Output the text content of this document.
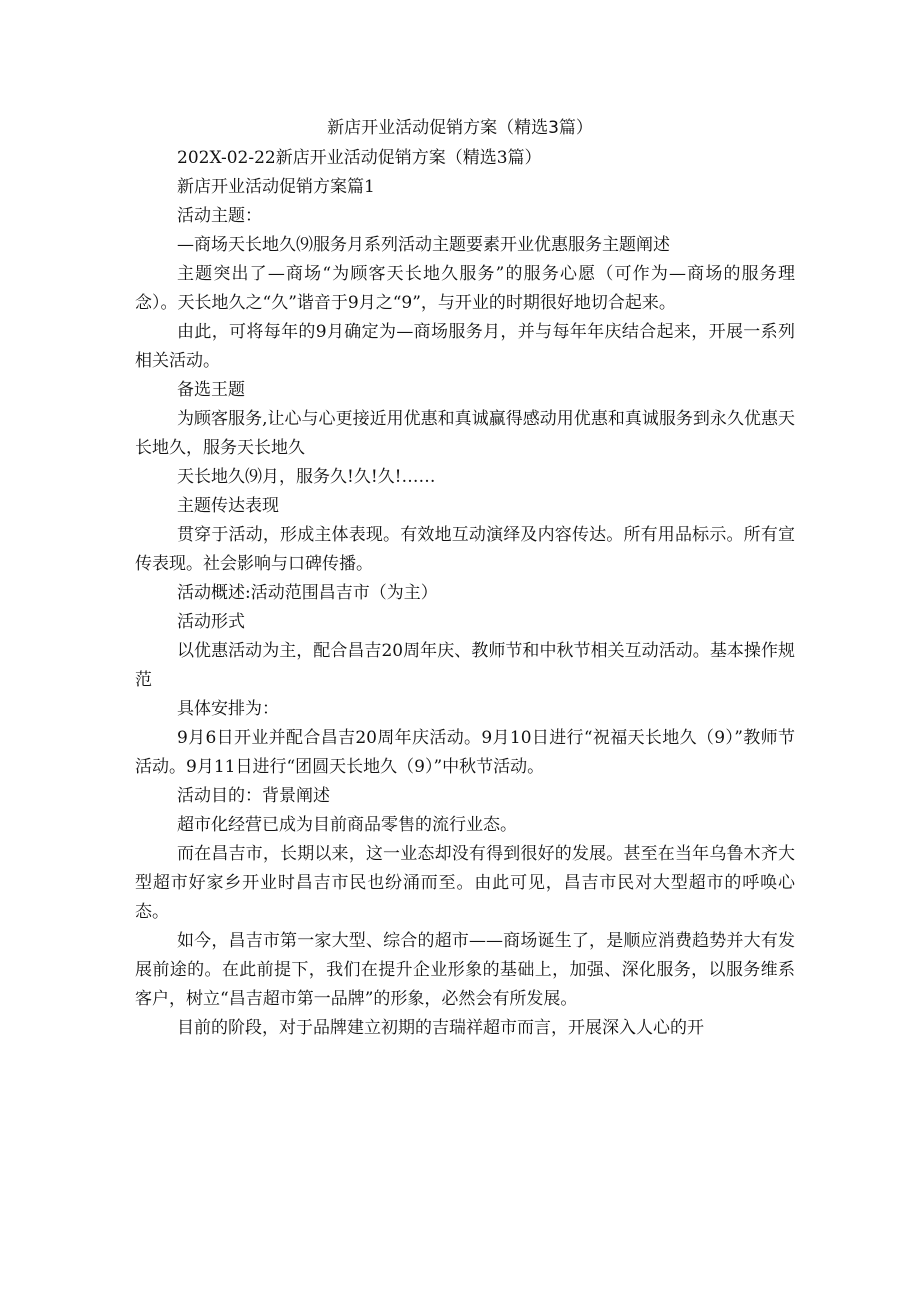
新店开业活动促销方案（精选3篇）

202X-02-22新店开业活动促销方案（精选3篇）

新店开业活动促销方案篇1

活动主题：

—商场天长地久⑼服务月系列活动主题要素开业优惠服务主题阐述

主题突出了—商场“为顾客天长地久服务”的服务心愿（可作为—商场的服务理念）。天长地久之“久”谐音于9月之“9”，与开业的时期很好地切合起来。

由此，可将每年的9月确定为—商场服务月，并与每年年庆结合起来，开展一系列相关活动。

备选王题

为顾客服务,让心与心更接近用优惠和真诚赢得感动用优惠和真诚服务到永久优惠天长地久，服务天长地久

天长地久⑼月，服务久!久!久!……

主题传达表现

贯穿于活动，形成主体表现。有效地互动演绎及内容传达。所有用品标示。所有宣传表现。社会影响与口碑传播。

活动概述:活动范围昌吉市（为主）

活动形式

以优惠活动为主，配合昌吉20周年庆、教师节和中秋节相关互动活动。基本操作规范

具体安排为：

9月6日开业并配合昌吉20周年庆活动。9月10日进行“祝福天长地久（9）”教师节活动。9月11日进行“团圆天长地久（9）”中秋节活动。

活动目的：背景阐述

超市化经营已成为目前商品零售的流行业态。

而在昌吉市，长期以来，这一业态却没有得到很好的发展。甚至在当年乌鲁木齐大型超市好家乡开业时昌吉市民也纷涌而至。由此可见，昌吉市民对大型超市的呼唤心态。

如今，昌吉市第一家大型、综合的超市——商场诞生了，是顺应消费趋势并大有发展前途的。在此前提下，我们在提升企业形象的基础上，加强、深化服务，以服务维系客户，树立“昌吉超市第一品牌”的形象，必然会有所发展。

目前的阶段，对于品牌建立初期的吉瑞祥超市而言，开展深入人心的开
